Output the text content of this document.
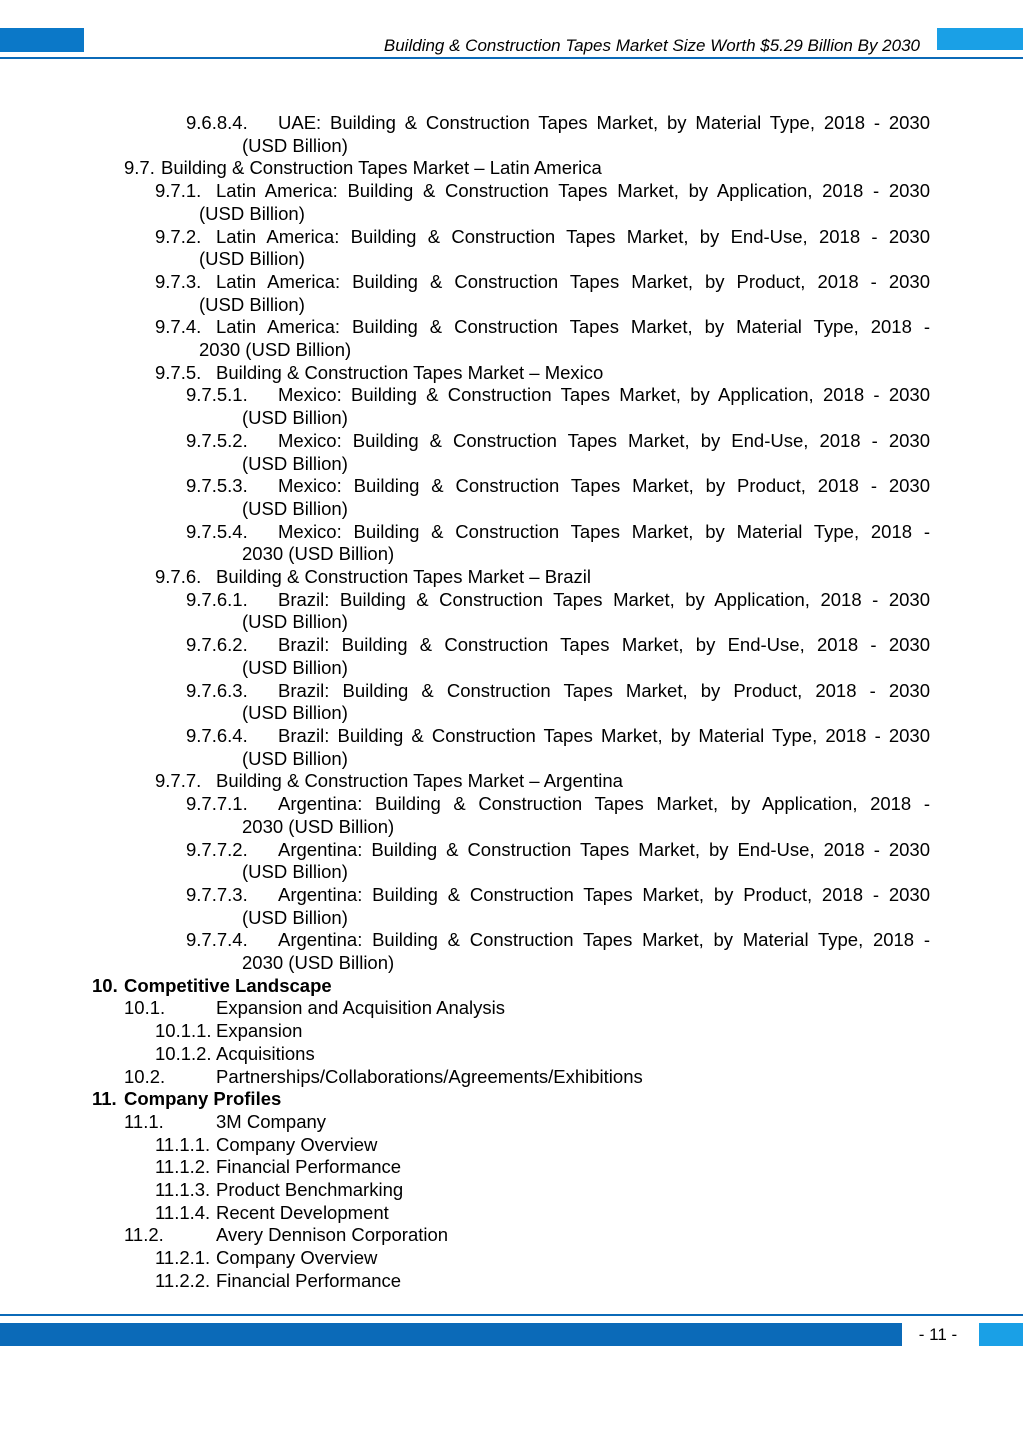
Building & Construction Tapes Market Size Worth $5.29 Billion By 2030
9.6.8.4. UAE: Building & Construction Tapes Market, by Material Type, 2018 - 2030
(USD Billion)
9.7. Building & Construction Tapes Market – Latin America
9.7.1. Latin America: Building & Construction Tapes Market, by Application, 2018 - 2030
(USD Billion)
9.7.2. Latin America: Building & Construction Tapes Market, by End-Use, 2018 - 2030
(USD Billion)
9.7.3. Latin America: Building & Construction Tapes Market, by Product, 2018 - 2030
(USD Billion)
9.7.4. Latin America: Building & Construction Tapes Market, by Material Type, 2018 -
2030 (USD Billion)
9.7.5. Building & Construction Tapes Market – Mexico
9.7.5.1. Mexico: Building & Construction Tapes Market, by Application, 2018 - 2030
(USD Billion)
9.7.5.2. Mexico: Building & Construction Tapes Market, by End-Use, 2018 - 2030
(USD Billion)
9.7.5.3. Mexico: Building & Construction Tapes Market, by Product, 2018 - 2030
(USD Billion)
9.7.5.4. Mexico: Building & Construction Tapes Market, by Material Type, 2018 -
2030 (USD Billion)
9.7.6. Building & Construction Tapes Market – Brazil
9.7.6.1. Brazil: Building & Construction Tapes Market, by Application, 2018 - 2030
(USD Billion)
9.7.6.2. Brazil: Building & Construction Tapes Market, by End-Use, 2018 - 2030
(USD Billion)
9.7.6.3. Brazil: Building & Construction Tapes Market, by Product, 2018 - 2030
(USD Billion)
9.7.6.4. Brazil: Building & Construction Tapes Market, by Material Type, 2018 - 2030
(USD Billion)
9.7.7. Building & Construction Tapes Market – Argentina
9.7.7.1. Argentina: Building & Construction Tapes Market, by Application, 2018 -
2030 (USD Billion)
9.7.7.2. Argentina: Building & Construction Tapes Market, by End-Use, 2018 - 2030
(USD Billion)
9.7.7.3. Argentina: Building & Construction Tapes Market, by Product, 2018 - 2030
(USD Billion)
9.7.7.4. Argentina: Building & Construction Tapes Market, by Material Type, 2018 -
2030 (USD Billion)
10. Competitive Landscape
10.1.	Expansion and Acquisition Analysis
10.1.1. Expansion
10.1.2. Acquisitions
10.2.	Partnerships/Collaborations/Agreements/Exhibitions
11. Company Profiles
11.1.	3M Company
11.1.1. Company Overview
11.1.2. Financial Performance
11.1.3. Product Benchmarking
11.1.4. Recent Development
11.2.	Avery Dennison Corporation
11.2.1. Company Overview
11.2.2. Financial Performance
- 11 -
